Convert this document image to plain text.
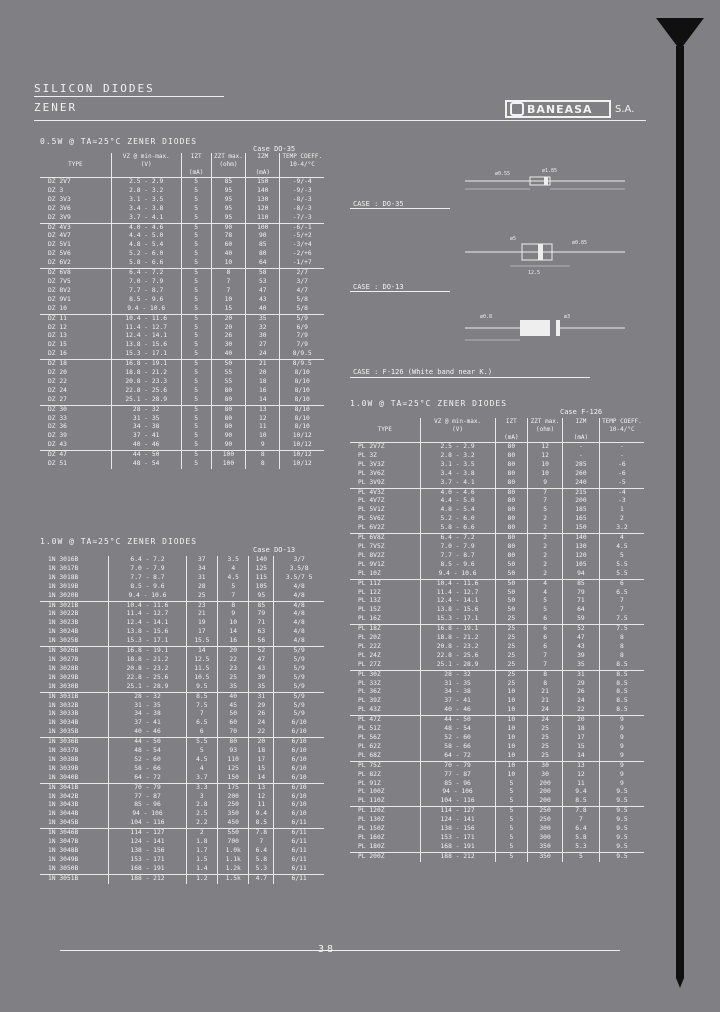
SILICON DIODES
ZENER	BANEASA S.A.
0.5W @ TA=25°C ZENER DIODES
Case DO-35
TYPE	VZ @ min-max.
(V)	IZT

(mA)	ZZT max.
(ohm)	IZM

(mA)	TEMP COEFF.
10-4/°C
DZ 2V7	2.5 - 2.9	5	85	150	-9/-4
DZ 3	2.8 - 3.2	5	95	140	-9/-3
DZ 3V3	3.1 - 3.5	5	95	130	-8/-3
DZ 3V6	3.4 - 3.8	5	95	120	-8/-3
DZ 3V9	3.7 - 4.1	5	95	110	-7/-3
DZ 4V3	4.0 - 4.6	5	90	100	-6/-1
DZ 4V7	4.4 - 5.0	5	78	90	-5/+2
DZ 5V1	4.8 - 5.4	5	60	85	-3/+4
DZ 5V6	5.2 - 6.0	5	40	80	-2/+6
DZ 6V2	5.8 - 6.6	5	10	64	-1/+7
DZ 6V8	6.4 - 7.2	5	8	58	2/7
DZ 7V5	7.0 - 7.9	5	7	53	3/7
DZ 8V2	7.7 - 8.7	5	7	47	4/7
DZ 9V1	8.5 - 9.6	5	10	43	5/8
DZ 10	9.4 - 10.6	5	15	40	5/8
DZ 11	10.4 - 11.6	5	20	35	5/9
DZ 12	11.4 - 12.7	5	20	32	6/9
DZ 13	12.4 - 14.1	5	26	30	7/9
DZ 15	13.8 - 15.6	5	30	27	7/9
DZ 16	15.3 - 17.1	5	40	24	8/9.5
DZ 18	16.8 - 19.1	5	50	21	8/9.5
DZ 20	18.8 - 21.2	5	55	20	8/10
DZ 22	20.8 - 23.3	5	55	18	8/10
DZ 24	22.8 - 25.6	5	80	16	8/10
DZ 27	25.1 - 28.9	5	80	14	8/10
DZ 30	28 - 32	5	80	13	8/10
DZ 33	31 - 35	5	80	12	8/10
DZ 36	34 - 38	5	80	11	8/10
DZ 39	37 - 41	5	90	10	10/12
DZ 43	40 - 46	5	90	9	10/12
DZ 47	44 - 50	5	100	8	10/12
DZ 51	48 - 54	5	100	8	10/12
1.0W @ TA=25°C ZENER DIODES
Case DO-13
1N 3016B	6.4 - 7.2	37	3.5	140	3/7
1N 3017B	7.0 - 7.9	34	4	125	3.5/8
1N 3018B	7.7 - 8.7	31	4.5	115	3.5/7 5
1N 3019B	8.5 - 9.6	28	5	105	4/8
1N 3020B	9.4 - 10.6	25	7	95	4/8
1N 3021B	10.4 - 11.6	23	8	85	4/8
1N 3022B	11.4 - 12.7	21	9	79	4/8
1N 3023B	12.4 - 14.1	19	10	71	4/8
1N 3024B	13.8 - 15.6	17	14	63	4/8
1N 3025B	15.3 - 17.1	15.5	16	56	4/8
1N 3026B	16.8 - 19.1	14	20	52	5/9
1N 3027B	18.8 - 21.2	12.5	22	47	5/9
1N 3028B	20.8 - 23.2	11.5	23	43	5/9
1N 3029B	22.8 - 25.6	10.5	25	39	5/9
1N 3030B	25.1 - 28.9	9.5	35	35	5/9
1N 3031B	28 - 32	8.5	40	31	5/9
1N 3032B	31 - 35	7.5	45	29	5/9
1N 3033B	34 - 38	7	50	26	5/9
1N 3034B	37 - 41	6.5	60	24	6/10
1N 3035B	40 - 46	6	70	22	6/10
1N 3036B	44 - 50	5.5	80	20	6/10
1N 3037B	48 - 54	5	93	18	6/10
1N 3038B	52 - 60	4.5	110	17	6/10
1N 3039B	58 - 66	4	125	15	6/10
1N 3040B	64 - 72	3.7	150	14	6/10
1N 3041B	70 - 79	3.3	175	13	6/10
1N 3042B	77 - 87	3	200	12	6/10
1N 3043B	85 - 96	2.8	250	11	6/10
1N 3044B	94 - 106	2.5	350	9.4	6/10
1N 3045B	104 - 116	2.2	450	8.5	6/11
1N 3046B	114 - 127	2	550	7.8	6/11
1N 3047B	124 - 141	1.8	700	7	6/11
1N 3048B	138 - 156	1.7	1.0k	6.4	6/11
1N 3049B	153 - 171	1.5	1.1k	5.8	6/11
1N 3050B	168 - 191	1.4	1.2k	5.3	6/11
1N 3051B	188 - 212	1.2	1.5k	4.7	6/11
ø0.55	ø1.85
CASE : DO-35
ø5
ø0.85
12.5
CASE : DO-13
ø0.8	ø3
CASE : F-126 (White band near K.)
1.0W @ TA=25°C ZENER DIODES
Case F-126
TYPE	VZ @ min-max.
(V)	IZT

(mA)	ZZT max.
(ohm)	IZM

(mA)	TEMP COEFF.
10-4/°C
PL 2V7Z	2.5 - 2.9	80	12	-	-
PL 3Z	2.8 - 3.2	80	12	-	-
PL 3V3Z	3.1 - 3.5	80	10	285	-6
PL 3V6Z	3.4 - 3.8	80	10	260	-6
PL 3V9Z	3.7 - 4.1	80	9	240	-5
PL 4V3Z	4.0 - 4.6	80	7	215	-4
PL 4V7Z	4.4 - 5.0	80	7	200	-3
PL 5V1Z	4.8 - 5.4	80	5	185	1
PL 5V6Z	5.2 - 6.0	80	2	165	2
PL 6V2Z	5.8 - 6.6	80	2	150	3.2
PL 6V8Z	6.4 - 7.2	80	2	140	4
PL 7V5Z	7.0 - 7.9	80	2	130	4.5
PL 8V2Z	7.7 - 8.7	80	2	120	5
PL 9V1Z	8.5 - 9.6	50	2	105	5.5
PL 10Z	9.4 - 10.6	50	2	94	5.5
PL 11Z	10.4 - 11.6	50	4	85	6
PL 12Z	11.4 - 12.7	50	4	79	6.5
PL 13Z	12.4 - 14.1	50	5	71	7
PL 15Z	13.8 - 15.6	50	5	64	7
PL 16Z	15.3 - 17.1	25	6	59	7.5
PL 18Z	16.8 - 19.1	25	6	52	7.5
PL 20Z	18.8 - 21.2	25	6	47	8
PL 22Z	20.8 - 23.2	25	6	43	8
PL 24Z	22.8 - 25.6	25	7	39	8
PL 27Z	25.1 - 28.9	25	7	35	8.5
PL 30Z	28 - 32	25	8	31	8.5
PL 33Z	31 - 35	25	8	29	8.5
PL 36Z	34 - 38	10	21	26	8.5
PL 39Z	37 - 41	10	21	24	8.5
PL 43Z	40 - 46	10	24	22	8.5
PL 47Z	44 - 50	10	24	20	9
PL 51Z	48 - 54	10	25	18	9
PL 56Z	52 - 60	10	25	17	9
PL 62Z	58 - 66	10	25	15	9
PL 68Z	64 - 72	10	25	14	9
PL 75Z	70 - 79	10	30	13	9
PL 82Z	77 - 87	10	30	12	9
PL 91Z	85 - 96	5	200	11	9
PL 100Z	94 - 106	5	200	9.4	9.5
PL 110Z	104 - 116	5	200	8.5	9.5
PL 120Z	114 - 127	5	250	7.8	9.5
PL 130Z	124 - 141	5	250	7	9.5
PL 150Z	138 - 156	5	300	6.4	9.5
PL 160Z	153 - 171	5	300	5.8	9.5
PL 180Z	168 - 191	5	350	5.3	9.5
PL 200Z	188 - 212	5	350	5	9.5
38
